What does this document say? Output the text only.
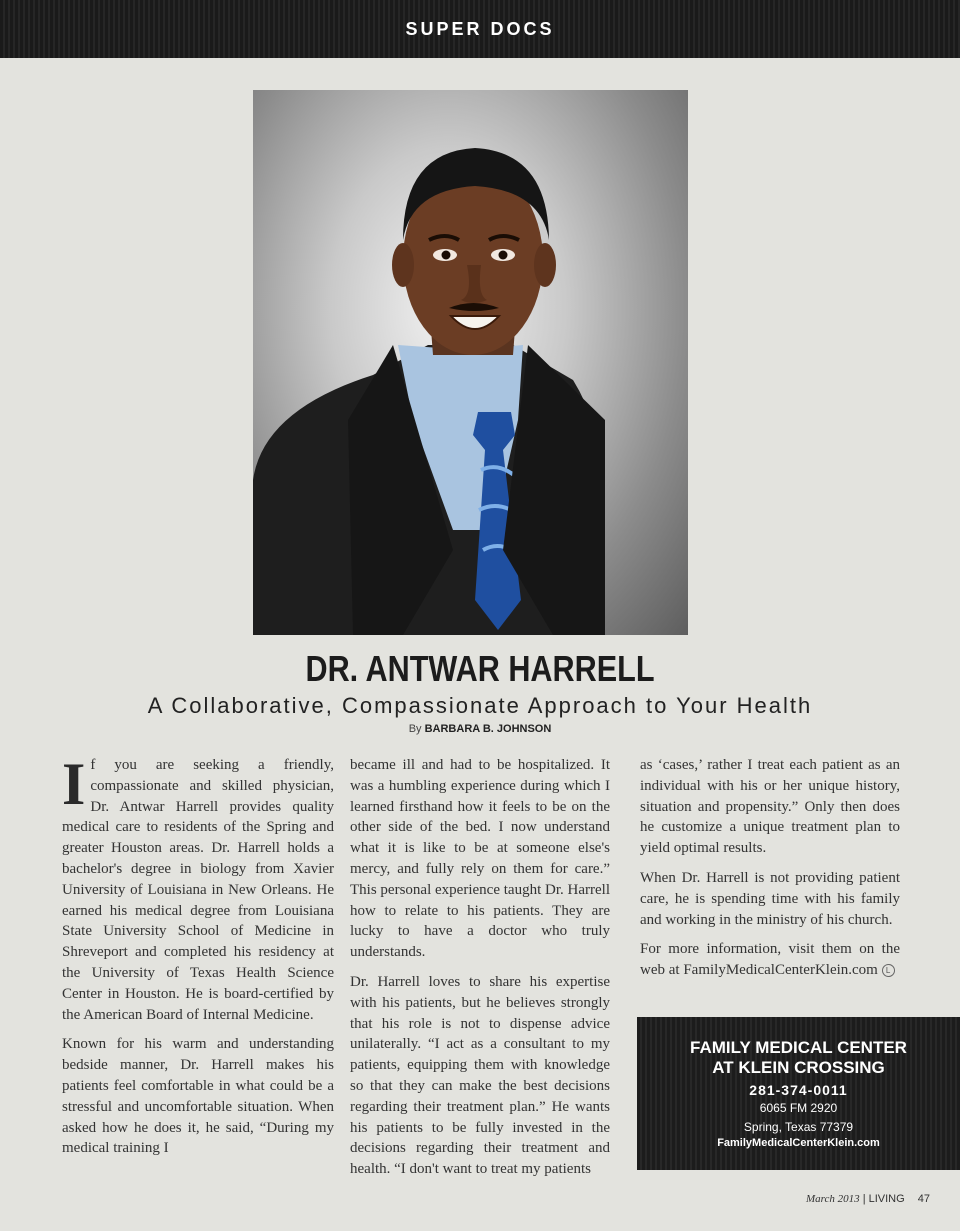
SUPER DOCS
DR. ANTWAR HARRELL
A Collaborative, Compassionate Approach to Your Health
By BARBARA B. JOHNSON

If you are seeking a friendly, compassionate and skilled physician, Dr. Antwar Harrell provides quality medical care to residents of the Spring and greater Houston areas. Dr. Harrell holds a bachelor's degree in biology from Xavier University of Louisiana in New Orleans. He earned his medical degree from Louisiana State University School of Medicine in Shreveport and completed his residency at the University of Texas Health Science Center in Houston. He is board-certified by the American Board of Internal Medicine.

Known for his warm and understanding bedside manner, Dr. Harrell makes his patients feel comfortable in what could be a stressful and uncomfortable situation. When asked how he does it, he said, “During my medical training I

became ill and had to be hospitalized. It was a humbling experience during which I learned firsthand how it feels to be on the other side of the bed. I now understand what it is like to be at someone else's mercy, and fully rely on them for care.” This personal experience taught Dr. Harrell how to relate to his patients. They are lucky to have a doctor who truly understands.

Dr. Harrell loves to share his expertise with his patients, but he believes strongly that his role is not to dispense advice unilaterally. “I act as a consultant to my patients, equipping them with knowledge so that they can make the best decisions regarding their treatment plan.” He wants his patients to be fully invested in the decisions regarding their treatment and health. “I don't want to treat my patients

as ‘cases,’ rather I treat each patient as an individual with his or her unique history, situation and propensity.” Only then does he customize a unique treatment plan to yield optimal results.

When Dr. Harrell is not providing patient care, he is spending time with his family and working in the ministry of his church.

For more information, visit them on the web at FamilyMedicalCenterKlein.com L

FAMILY MEDICAL CENTER
AT KLEIN CROSSING
281-374-0011
6065 FM 2920
Spring, Texas 77379
FamilyMedicalCenterKlein.com
March 2013 | LIVING 47
